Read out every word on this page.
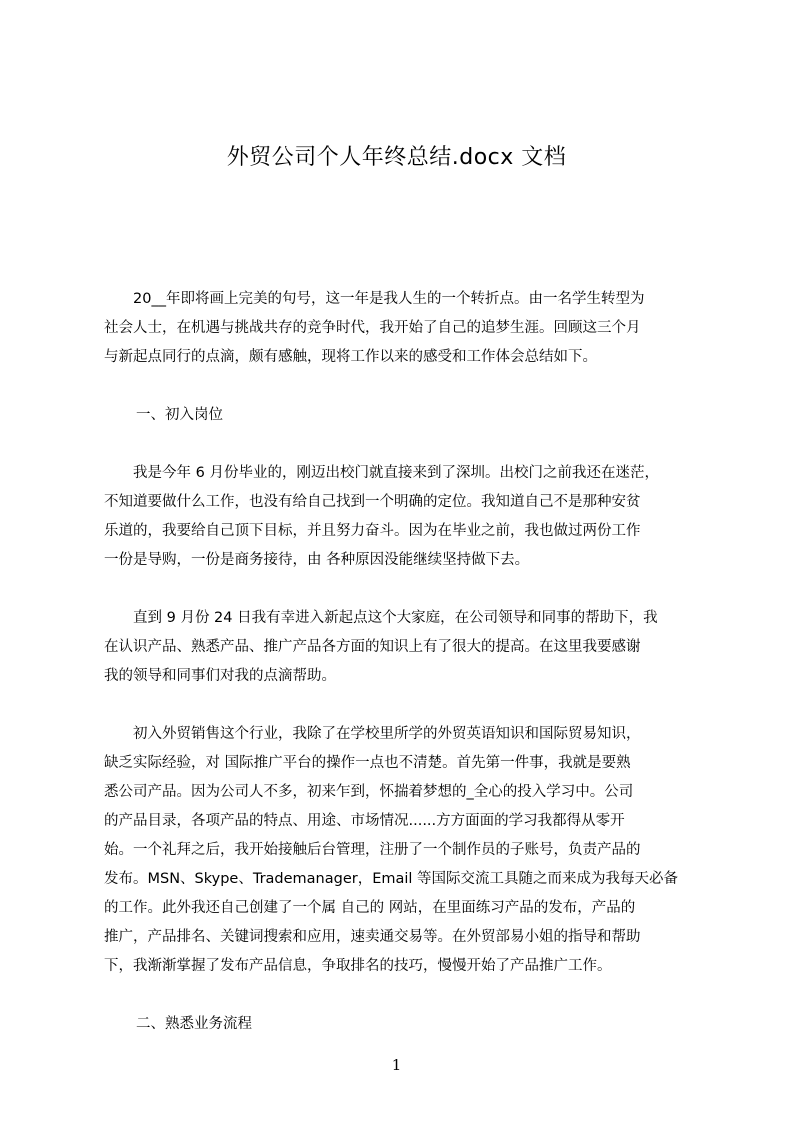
外贸公司个人年终总结.docx 文档
　　20__年即将画上完美的句号，这一年是我人生的一个转折点。由一名学生转型为
社会人士，在机遇与挑战共存的竞争时代，我开始了自己的追梦生涯。回顾这三个月
与新起点同行的点滴，颇有感触，现将工作以来的感受和工作体会总结如下。
一、初入岗位
　　我是今年 6 月份毕业的，刚迈出校门就直接来到了深圳。出校门之前我还在迷茫，
不知道要做什么工作，也没有给自己找到一个明确的定位。我知道自己不是那种安贫
乐道的，我要给自己顶下目标，并且努力奋斗。因为在毕业之前，我也做过两份工作
一份是导购，一份是商务接待，由 各种原因没能继续坚持做下去。
　　直到 9 月份 24 日我有幸进入新起点这个大家庭，在公司领导和同事的帮助下，我
在认识产品、熟悉产品、推广产品各方面的知识上有了很大的提高。在这里我要感谢
我的领导和同事们对我的点滴帮助。
　　初入外贸销售这个行业，我除了在学校里所学的外贸英语知识和国际贸易知识，
缺乏实际经验，对 国际推广平台的操作一点也不清楚。首先第一件事，我就是要熟
悉公司产品。因为公司人不多，初来乍到，怀揣着梦想的_全心的投入学习中。公司
的产品目录，各项产品的特点、用途、市场情况......方方面面的学习我都得从零开
始。一个礼拜之后，我开始接触后台管理，注册了一个制作员的子账号，负责产品的
发布。MSN、Skype、Trademanager，Email 等国际交流工具随之而来成为我每天必备
的工作。此外我还自己创建了一个属 自己的 网站，在里面练习产品的发布，产品的
推广，产品排名、关键词搜索和应用，速卖通交易等。在外贸部易小姐的指导和帮助
下，我渐渐掌握了发布产品信息，争取排名的技巧，慢慢开始了产品推广工作。
二、熟悉业务流程
1
